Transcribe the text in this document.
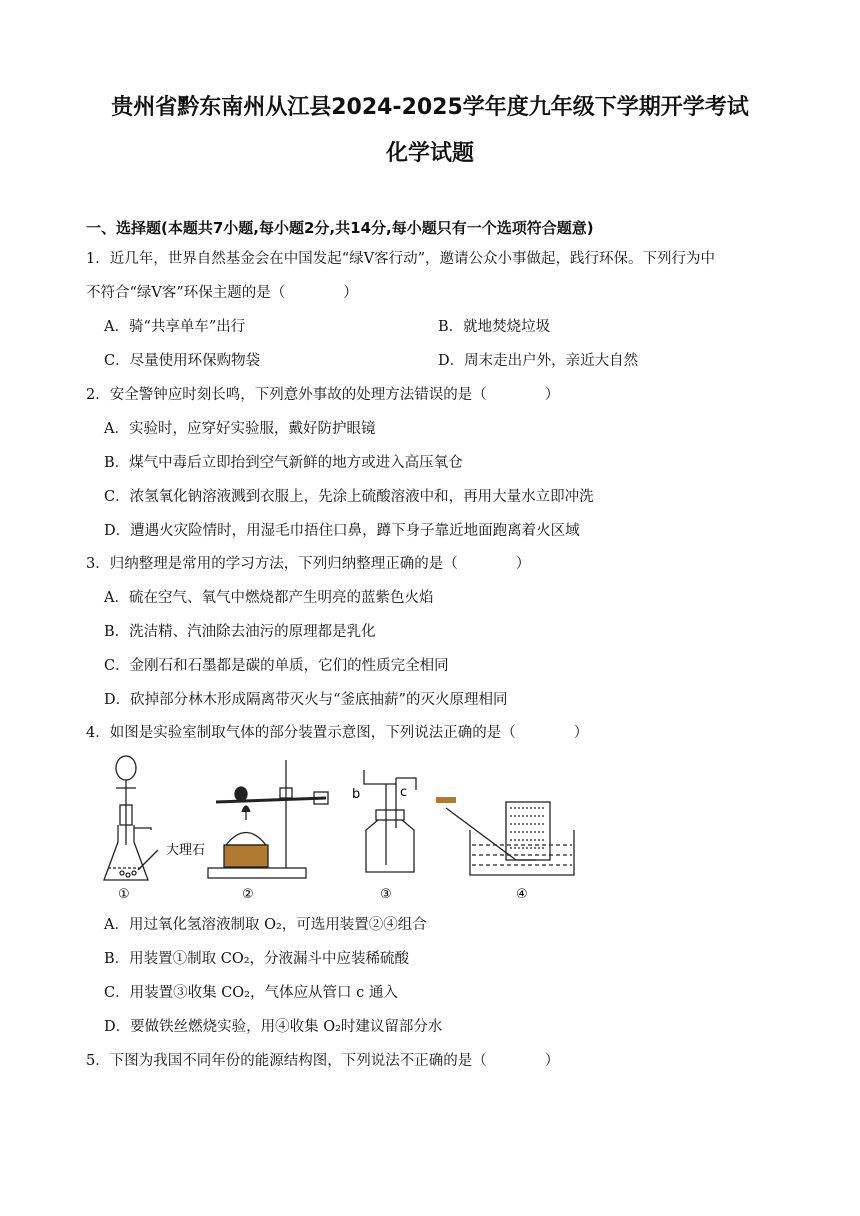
贵州省黔东南州从江县2024-2025学年度九年级下学期开学考试
化学试题
一、选择题(本题共7小题,每小题2分,共14分,每小题只有一个选项符合题意)
1．近几年，世界自然基金会在中国发起“绿V客行动”，邀请公众小事做起，践行环保。下列行为中
不符合“绿V客”环保主题的是（　　　　）
A．骑“共享单车”出行	B．就地焚烧垃圾
C．尽量使用环保购物袋	D．周末走出户外，亲近大自然
2．安全警钟应时刻长鸣，下列意外事故的处理方法错误的是（　　　　）
A．实验时，应穿好实验服，戴好防护眼镜
B．煤气中毒后立即抬到空气新鲜的地方或进入高压氧仓
C．浓氢氧化钠溶液溅到衣服上，先涂上硫酸溶液中和，再用大量水立即冲洗
D．遭遇火灾险情时，用湿毛巾捂住口鼻，蹲下身子靠近地面跑离着火区域
3．归纳整理是常用的学习方法，下列归纳整理正确的是（　　　　）
A．硫在空气、氧气中燃烧都产生明亮的蓝紫色火焰
B．洗洁精、汽油除去油污的原理都是乳化
C．金刚石和石墨都是碳的单质，它们的性质完全相同
D．砍掉部分林木形成隔离带灭火与“釜底抽薪”的灭火原理相同
4．如图是实验室制取气体的部分装置示意图，下列说法正确的是（　　　　）
大理石
b	c
①	②	③	④
A．用过氧化氢溶液制取 O₂，可选用装置②④组合
B．用装置①制取 CO₂，分液漏斗中应装稀硫酸
C．用装置③收集 CO₂，气体应从管口 c 通入
D．要做铁丝燃烧实验，用④收集 O₂时建议留部分水
5．下图为我国不同年份的能源结构图，下列说法不正确的是（　　　　）
